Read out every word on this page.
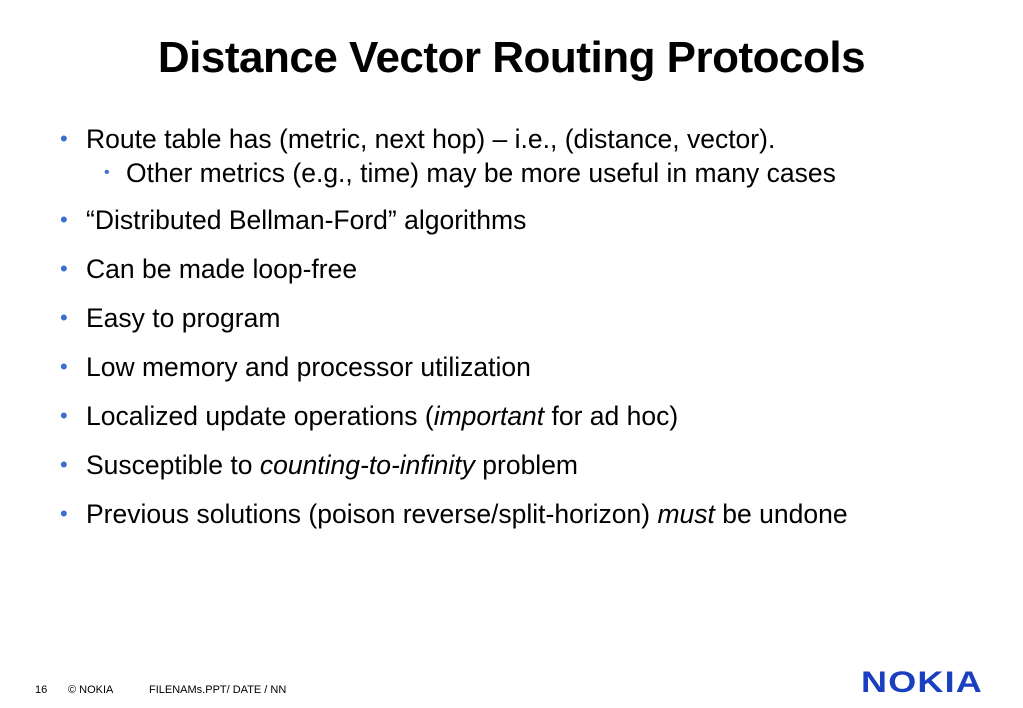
Distance Vector Routing Protocols
• Route table has (metric, next hop) – i.e., (distance, vector).
• Other metrics (e.g., time) may be more useful in many cases
• “Distributed Bellman-Ford” algorithms
• Can be made loop-free
• Easy to program
• Low memory and processor utilization
• Localized update operations (important for ad hoc)
• Susceptible to counting-to-infinity problem
• Previous solutions (poison reverse/split-horizon) must be undone
16 © NOKIA	FILENAMs.PPT/ DATE / NN	NOKIA
